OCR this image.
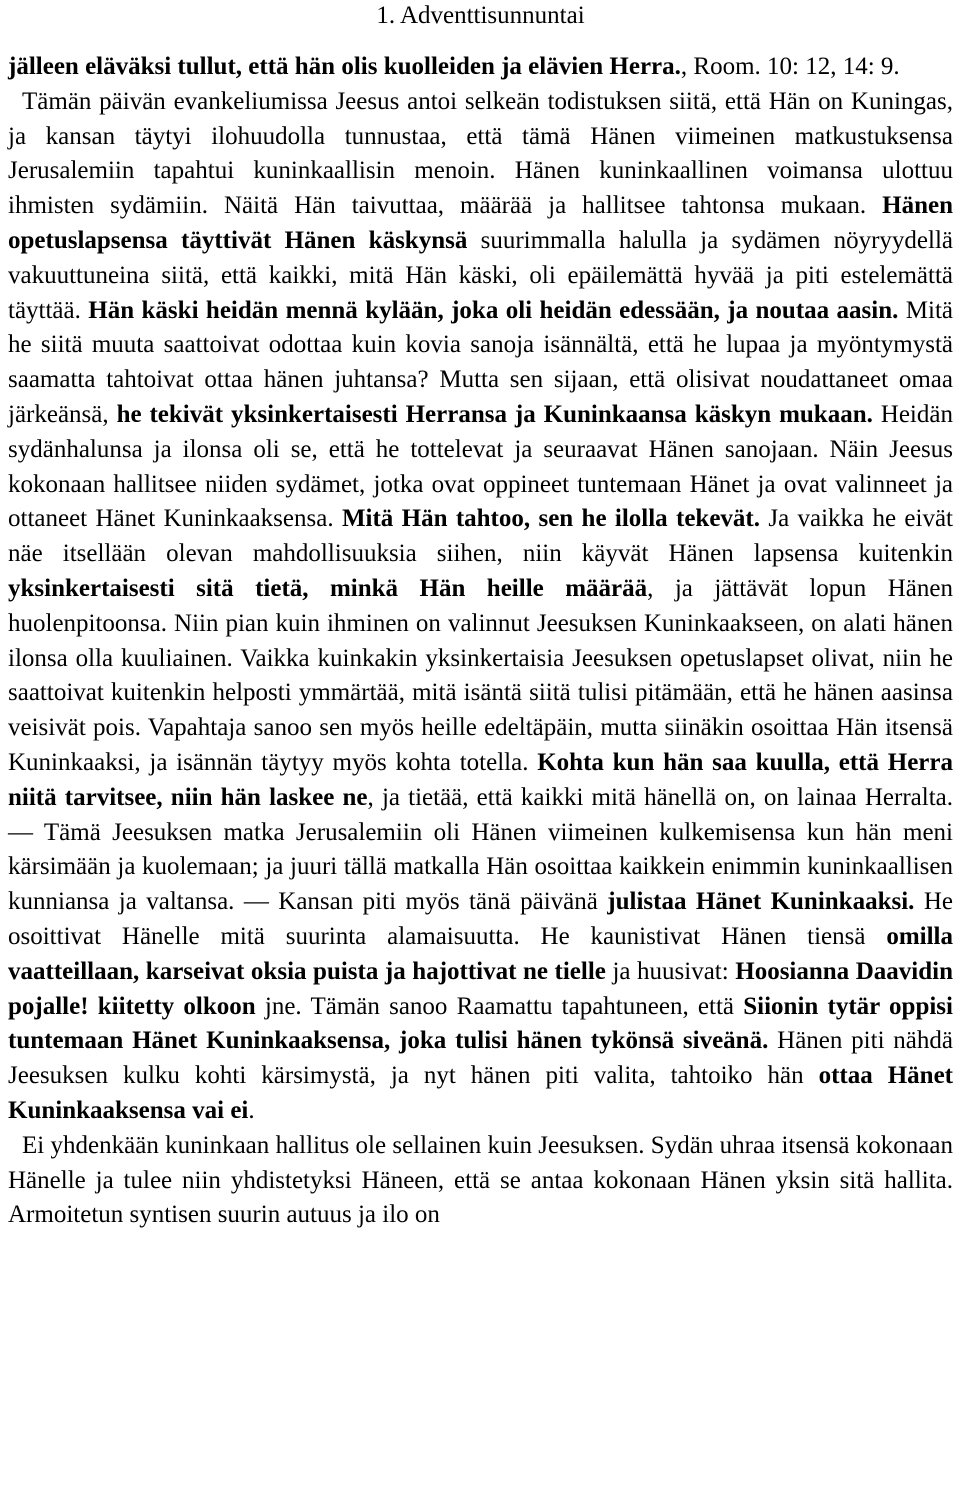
1. Adventtisunnuntai

jälleen eläväksi tullut, että hän olis kuolleiden ja elävien Herra., Room. 10: 12, 14: 9.

Tämän päivän evankeliumissa Jeesus antoi selkeän todistuksen siitä, että Hän on Kuningas, ja kansan täytyi ilohuudolla tunnustaa, että tämä Hänen viimeinen matkustuksensa Jerusalemiin tapahtui kuninkaallisin menoin. Hänen kuninkaallinen voimansa ulottuu ihmisten sydämiin. Näitä Hän taivuttaa, määrää ja hallitsee tahtonsa mukaan. Hänen opetuslapsensa täyttivät Hänen käskynsä suurimmalla halulla ja sydämen nöyryydellä vakuuttuneina siitä, että kaikki, mitä Hän käski, oli epäilemättä hyvää ja piti estelemättä täyttää. Hän käski heidän mennä kylään, joka oli heidän edessään, ja noutaa aasin. Mitä he siitä muuta saattoivat odottaa kuin kovia sanoja isännältä, että he lupaa ja myöntymystä saamatta tahtoivat ottaa hänen juhtansa? Mutta sen sijaan, että olisivat noudattaneet omaa järkeänsä, he tekivät yksinkertaisesti Herransa ja Kuninkaansa käskyn mukaan. Heidän sydänhalunsa ja ilonsa oli se, että he tottelevat ja seuraavat Hänen sanojaan. Näin Jeesus kokonaan hallitsee niiden sydämet, jotka ovat oppineet tuntemaan Hänet ja ovat valinneet ja ottaneet Hänet Kuninkaaksensa. Mitä Hän tahtoo, sen he ilolla tekevät. Ja vaikka he eivät näe itsellään olevan mahdollisuuksia siihen, niin käyvät Hänen lapsensa kuitenkin yksinkertaisesti sitä tietä, minkä Hän heille määrää, ja jättävät lopun Hänen huolenpitoonsa. Niin pian kuin ihminen on valinnut Jeesuksen Kuninkaakseen, on alati hänen ilonsa olla kuuliainen. Vaikka kuinkakin yksinkertaisia Jeesuksen opetuslapset olivat, niin he saattoivat kuitenkin helposti ymmärtää, mitä isäntä siitä tulisi pitämään, että he hänen aasinsa veisivät pois. Vapahtaja sanoo sen myös heille edeltäpäin, mutta siinäkin osoittaa Hän itsensä Kuninkaaksi, ja isännän täytyy myös kohta totella. Kohta kun hän saa kuulla, että Herra niitä tarvitsee, niin hän laskee ne, ja tietää, että kaikki mitä hänellä on, on lainaa Herralta. — Tämä Jeesuksen matka Jerusalemiin oli Hänen viimeinen kulkemisensa kun hän meni kärsimään ja kuolemaan; ja juuri tällä matkalla Hän osoittaa kaikkein enimmin kuninkaallisen kunniansa ja valtansa. — Kansan piti myös tänä päivänä julistaa Hänet Kuninkaaksi. He osoittivat Hänelle mitä suurinta alamaisuutta. He kaunistivat Hänen tiensä omilla vaatteillaan, karseivat oksia puista ja hajottivat ne tielle ja huusivat: Hoosianna Daavidin pojalle! kiitetty olkoon jne. Tämän sanoo Raamattu tapahtuneen, että Siionin tytär oppisi tuntemaan Hänet Kuninkaaksensa, joka tulisi hänen tykönsä siveänä. Hänen piti nähdä Jeesuksen kulku kohti kärsimystä, ja nyt hänen piti valita, tahtoiko hän ottaa Hänet Kuninkaaksensa vai ei.

Ei yhdenkään kuninkaan hallitus ole sellainen kuin Jeesuksen. Sydän uhraa itsensä kokonaan Hänelle ja tulee niin yhdistetyksi Häneen, että se antaa kokonaan Hänen yksin sitä hallita. Armoitetun syntisen suurin autuus ja ilo on
